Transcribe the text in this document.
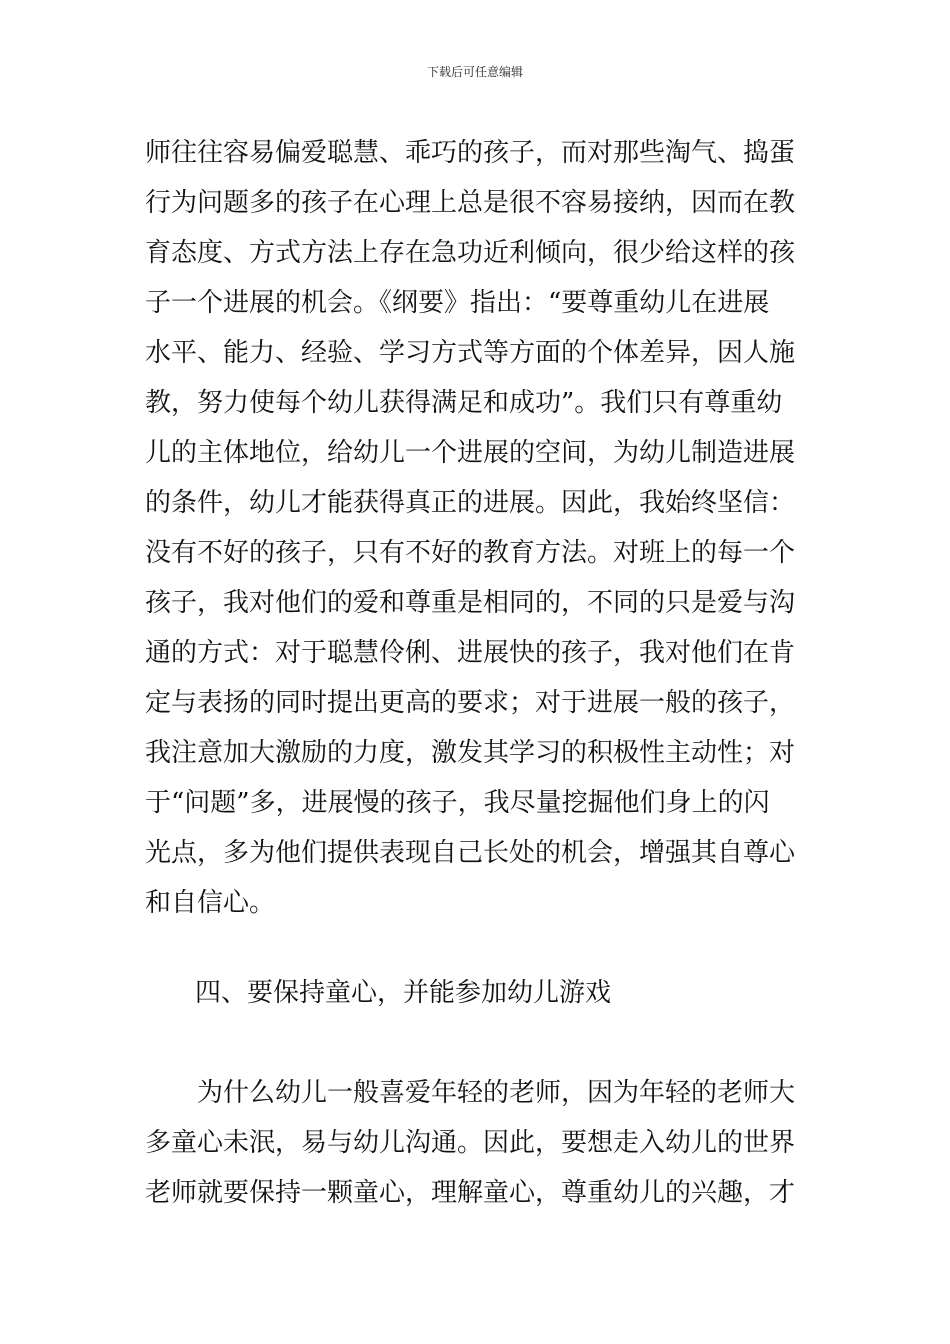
下载后可任意编辑
师往往容易偏爱聪慧、乖巧的孩子，而对那些淘气、捣蛋
行为问题多的孩子在心理上总是很不容易接纳，因而在教
育态度、方式方法上存在急功近利倾向，很少给这样的孩
子一个进展的机会。《纲要》指出：“要尊重幼儿在进展
水平、能力、经验、学习方式等方面的个体差异，因人施
教，努力使每个幼儿获得满足和成功”。我们只有尊重幼
儿的主体地位，给幼儿一个进展的空间，为幼儿制造进展
的条件，幼儿才能获得真正的进展。因此，我始终坚信：
没有不好的孩子，只有不好的教育方法。对班上的每一个
孩子，我对他们的爱和尊重是相同的，不同的只是爱与沟
通的方式：对于聪慧伶俐、进展快的孩子，我对他们在肯
定与表扬的同时提出更高的要求；对于进展一般的孩子，
我注意加大激励的力度，激发其学习的积极性主动性；对
于“问题”多，进展慢的孩子，我尽量挖掘他们身上的闪
光点，多为他们提供表现自己长处的机会，增强其自尊心
和自信心。
四、要保持童心，并能参加幼儿游戏
为什么幼儿一般喜爱年轻的老师，因为年轻的老师大
多童心未泯，易与幼儿沟通。因此，要想走入幼儿的世界
老师就要保持一颗童心，理解童心，尊重幼儿的兴趣，才
